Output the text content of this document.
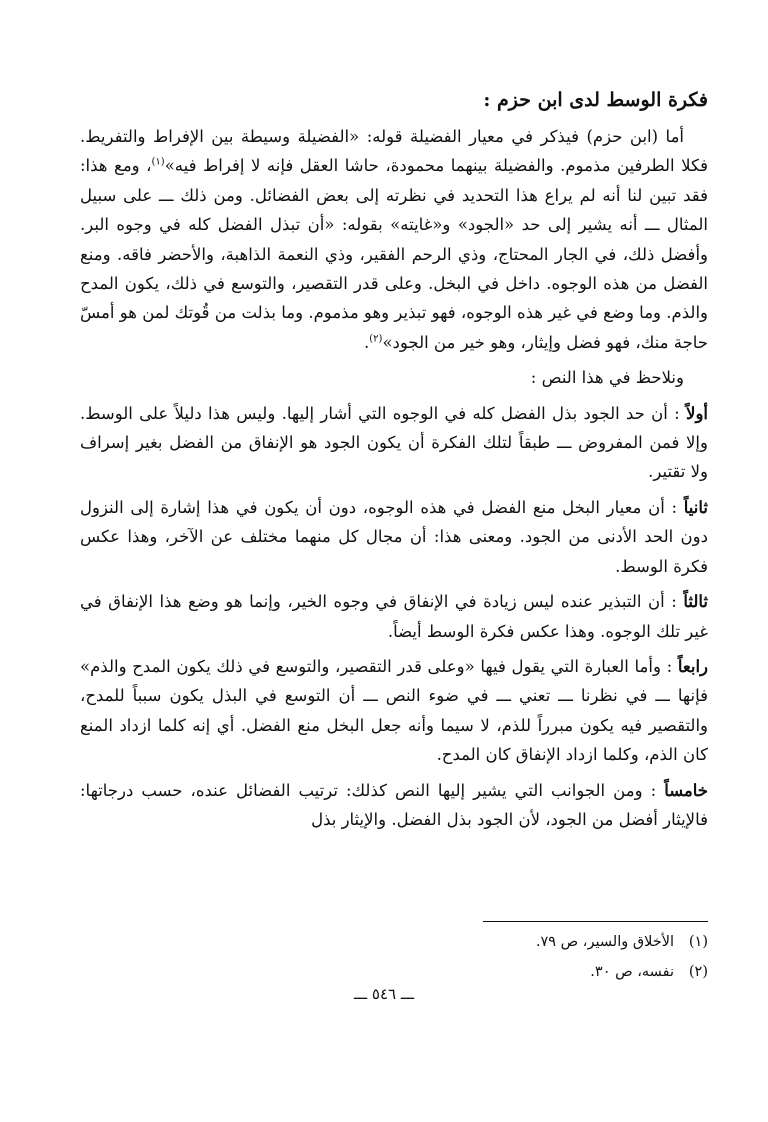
فكرة الوسط لدى ابن حزم :

أما (ابن حزم) فيذكر في معيار الفضيلة قوله: «الفضيلة وسيطة بين الإفراط والتفريط. فكلا الطرفين مذموم. والفضيلة بينهما محمودة، حاشا العقل فإنه لا إفراط فيه»$^{(١)}$، ومع هذا: فقد تبين لنا أنه لم يراع هذا التحديد في نظرته إلى بعض الفضائل. ومن ذلك ـــ على سبيل المثال ـــ أنه يشير إلى حد «الجود» و«غايته» بقوله: «أن تبذل الفضل كله في وجوه البر. وأفضل ذلك، في الجار المحتاج، وذي الرحم الفقير، وذي النعمة الذاهبة، والأحضر فاقه. ومنع الفضل من هذه الوجوه. داخل في البخل. وعلى قدر التقصير، والتوسع في ذلك، يكون المدح والذم. وما وضع في غير هذه الوجوه، فهو تبذير وهو مذموم. وما بذلت من قُوتك لمن هو أمسّ حاجة منك، فهو فضل وإيثار، وهو خير من الجود»$^{(٢)}$.

ونلاحظ في هذا النص :

أولاً : أن حد الجود بذل الفضل كله في الوجوه التي أشار إليها. وليس هذا دليلاً على الوسط. وإلا فمن المفروض ـــ طبقاً لتلك الفكرة أن يكون الجود هو الإنفاق من الفضل بغير إسراف ولا تقتير.

ثانياً : أن معيار البخل منع الفضل في هذه الوجوه، دون أن يكون في هذا إشارة إلى النزول دون الحد الأدنى من الجود. ومعنى هذا: أن مجال كل منهما مختلف عن الآخر، وهذا عكس فكرة الوسط.

ثالثاً : أن التبذير عنده ليس زيادة في الإنفاق في وجوه الخير، وإنما هو وضع هذا الإنفاق في غير تلك الوجوه. وهذا عكس فكرة الوسط أيضاً.

رابعاً : وأما العبارة التي يقول فيها «وعلى قدر التقصير، والتوسع في ذلك يكون المدح والذم» فإنها ـــ في نظرنا ـــ تعني ـــ في ضوء النص ـــ أن التوسع في البذل يكون سبباً للمدح، والتقصير فيه يكون مبرراً للذم، لا سيما وأنه جعل البخل منع الفضل. أي إنه كلما ازداد المنع كان الذم، وكلما ازداد الإنفاق كان المدح.

خامساً : ومن الجوانب التي يشير إليها النص كذلك: ترتيب الفضائل عنده، حسب درجاتها: فالإيثار أفضل من الجود، لأن الجود بذل الفضل. والإيثار بذل

(١)الأخلاق والسير، ص ٧٩.
(٢)نفسه، ص ٣٠.
ـــ ٥٤٦ ـــ
